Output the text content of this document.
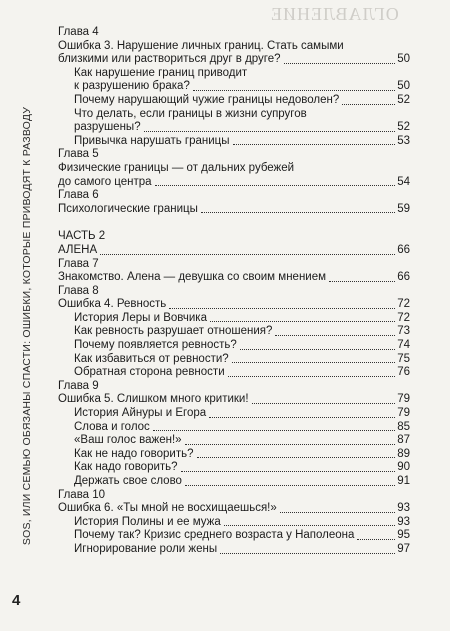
ОГЛАВЛЕНИЕ
SOS, ИЛИ СЕМЬЮ ОБЯЗАНЫ СПАСТИ: ОШИБКИ, КОТОРЫЕ ПРИВОДЯТ К РАЗВОДУ
4
Глава 4
Ошибка 3. Нарушение личных границ. Стать самыми
близкими или раствориться друг в друге?	50
Как нарушение границ приводит
к разрушению брака?	50
Почему нарушающий чужие границы недоволен?	52
Что делать, если границы в жизни супругов
разрушены?	52
Привычка нарушать границы	53
Глава 5
Физические границы — от дальних рубежей
до самого центра	54
Глава 6
Психологические границы	59
ЧАСТЬ 2
АЛЕНА	66
Глава 7
Знакомство. Алена — девушка со своим мнением	66
Глава 8
Ошибка 4. Ревность	72
История Леры и Вовчика	72
Как ревность разрушает отношения?	73
Почему появляется ревность?	74
Как избавиться от ревности?	75
Обратная сторона ревности	76
Глава 9
Ошибка 5. Слишком много критики!	79
История Айнуры и Егора	79
Слова и голос	85
«Ваш голос важен!»	87
Как не надо говорить?	89
Как надо говорить?	90
Держать свое слово	91
Глава 10
Ошибка 6. «Ты мной не восхищаешься!»	93
История Полины и ее мужа	93
Почему так? Кризис среднего возраста у Наполеона	95
Игнорирование роли жены	97
